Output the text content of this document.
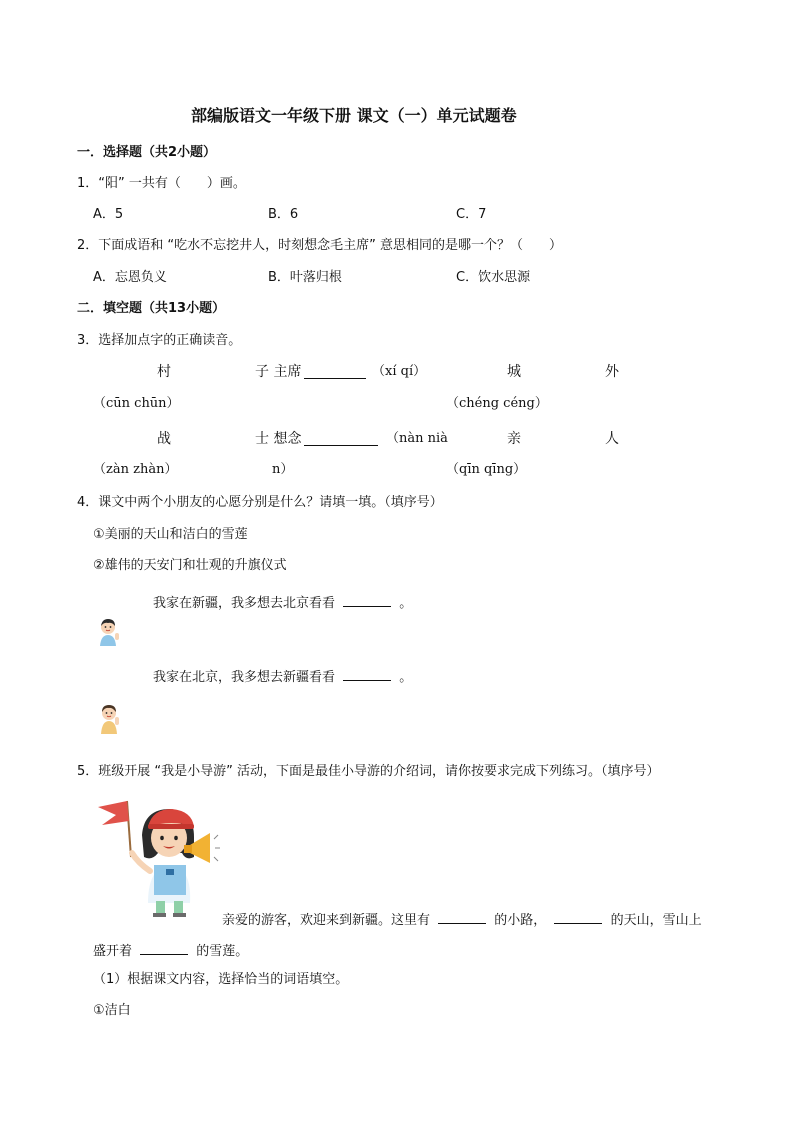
部编版语文一年级下册 课文（一）单元试题卷
一．选择题（共2小题）
1．“阳” 一共有（　　）画。
A．5	B．6	C．7
2．下面成语和 “吃水不忘挖井人，时刻想念毛主席” 意思相同的是哪一个？（　　）
A．忘恩负义	B．叶落归根	C．饮水思源
二．填空题（共13小题）
3．选择加点字的正确读音。
村	子 主席	（xí qí）	城	外
（cūn chūn）	（chéng céng）
战	士 想念	（nàn nià	亲	人
（zàn zhàn）	n）	（qīn qīng）
4．课文中两个小朋友的心愿分别是什么？请填一填。（填序号）
①美丽的天山和洁白的雪莲
②雄伟的天安门和壮观的升旗仪式
我家在新疆，我多想去北京看看	。
我家在北京，我多想去新疆看看	。
5．班级开展 “我是小导游” 活动，下面是最佳小导游的介绍词，请你按要求完成下列练习。（填序号）
亲爱的游客，欢迎来到新疆。这里有	的小路，	的天山，雪山上
盛开着	的雪莲。
（1）根据课文内容，选择恰当的词语填空。
①洁白
